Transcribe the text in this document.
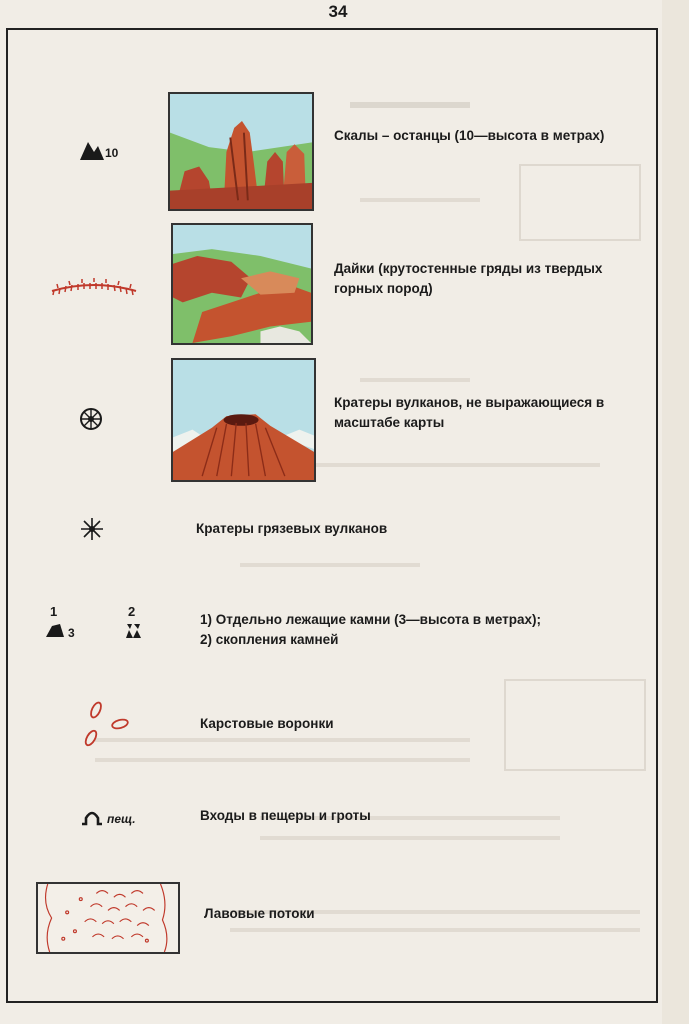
34
10
Скалы – останцы (10—высота в метрах)
Дайки (крутостенные гряды из твердых горных пород)
Кратеры вулканов, не выражающиеся в масштабе карты
Кратеры грязевых вулканов
1
3
2
1) Отдельно лежащие камни (3—высота в метрах);
2) скопления камней
Карстовые воронки
пещ.	Входы в пещеры и гроты
Лавовые потоки
